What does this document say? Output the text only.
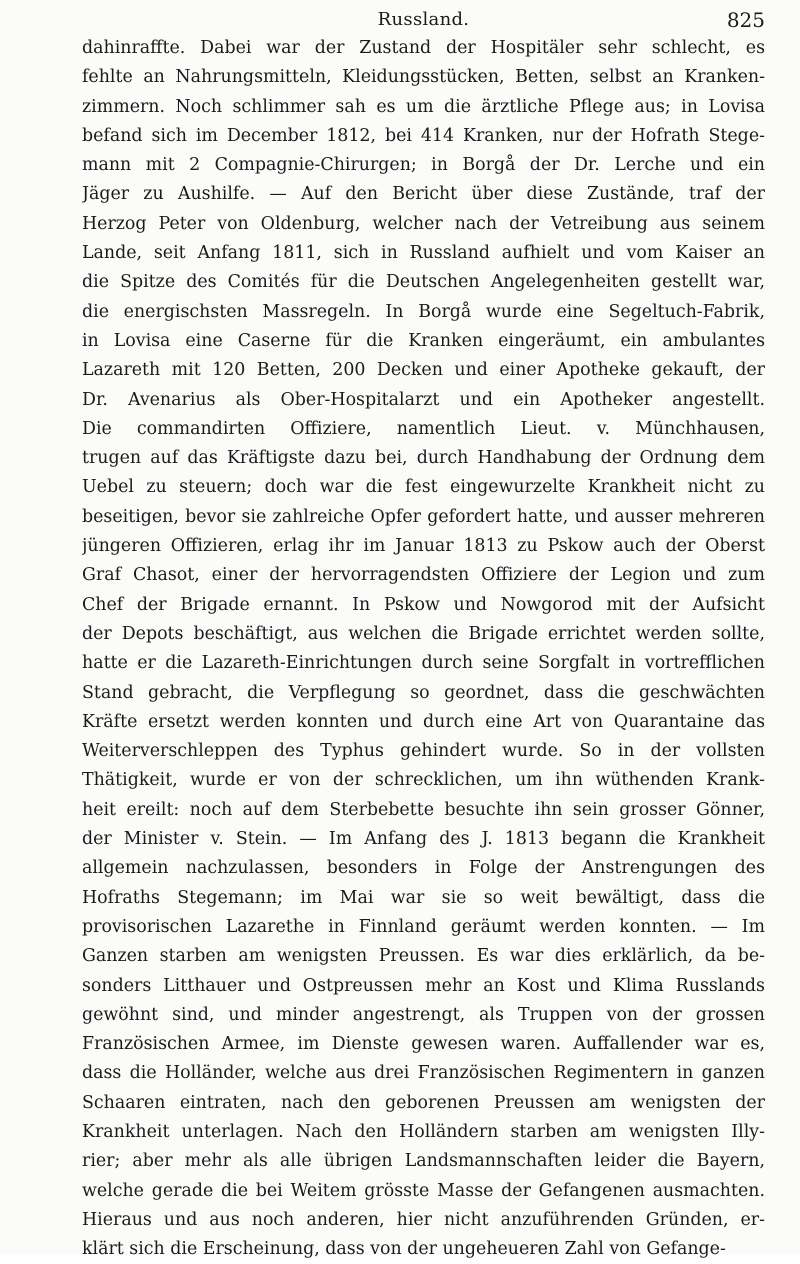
Russland.	825
dahinraffte. Dabei war der Zustand der Hospitäler sehr schlecht, es
fehlte an Nahrungsmitteln, Kleidungsstücken, Betten, selbst an Kranken-
zimmern. Noch schlimmer sah es um die ärztliche Pflege aus; in Lovisa
befand sich im December 1812, bei 414 Kranken, nur der Hofrath Stege-
mann mit 2 Compagnie-Chirurgen; in Borgå der Dr. Lerche und ein
Jäger zu Aushilfe. — Auf den Bericht über diese Zustände, traf der
Herzog Peter von Oldenburg, welcher nach der Vetreibung aus seinem
Lande, seit Anfang 1811, sich in Russland aufhielt und vom Kaiser an
die Spitze des Comités für die Deutschen Angelegenheiten gestellt war,
die energischsten Massregeln. In Borgå wurde eine Segeltuch-Fabrik,
in Lovisa eine Caserne für die Kranken eingeräumt, ein ambulantes
Lazareth mit 120 Betten, 200 Decken und einer Apotheke gekauft, der
Dr. Avenarius als Ober-Hospitalarzt und ein Apotheker angestellt.
Die commandirten Offiziere, namentlich Lieut. v. Münchhausen,
trugen auf das Kräftigste dazu bei, durch Handhabung der Ordnung dem
Uebel zu steuern; doch war die fest eingewurzelte Krankheit nicht zu
beseitigen, bevor sie zahlreiche Opfer gefordert hatte, und ausser mehreren
jüngeren Offizieren, erlag ihr im Januar 1813 zu Pskow auch der Oberst
Graf Chasot, einer der hervorragendsten Offiziere der Legion und zum
Chef der Brigade ernannt. In Pskow und Nowgorod mit der Aufsicht
der Depots beschäftigt, aus welchen die Brigade errichtet werden sollte,
hatte er die Lazareth-Einrichtungen durch seine Sorgfalt in vortrefflichen
Stand gebracht, die Verpflegung so geordnet, dass die geschwächten
Kräfte ersetzt werden konnten und durch eine Art von Quarantaine das
Weiterverschleppen des Typhus gehindert wurde. So in der vollsten
Thätigkeit, wurde er von der schrecklichen, um ihn wüthenden Krank-
heit ereilt: noch auf dem Sterbebette besuchte ihn sein grosser Gönner,
der Minister v. Stein. — Im Anfang des J. 1813 begann die Krankheit
allgemein nachzulassen, besonders in Folge der Anstrengungen des
Hofraths Stegemann; im Mai war sie so weit bewältigt, dass die
provisorischen Lazarethe in Finnland geräumt werden konnten. — Im
Ganzen starben am wenigsten Preussen. Es war dies erklärlich, da be-
sonders Litthauer und Ostpreussen mehr an Kost und Klima Russlands
gewöhnt sind, und minder angestrengt, als Truppen von der grossen
Französischen Armee, im Dienste gewesen waren. Auffallender war es,
dass die Holländer, welche aus drei Französischen Regimentern in ganzen
Schaaren eintraten, nach den geborenen Preussen am wenigsten der
Krankheit unterlagen. Nach den Holländern starben am wenigsten Illy-
rier; aber mehr als alle übrigen Landsmannschaften leider die Bayern,
welche gerade die bei Weitem grösste Masse der Gefangenen ausmachten.
Hieraus und aus noch anderen, hier nicht anzuführenden Gründen, er-
klärt sich die Erscheinung, dass von der ungeheueren Zahl von Gefange-
